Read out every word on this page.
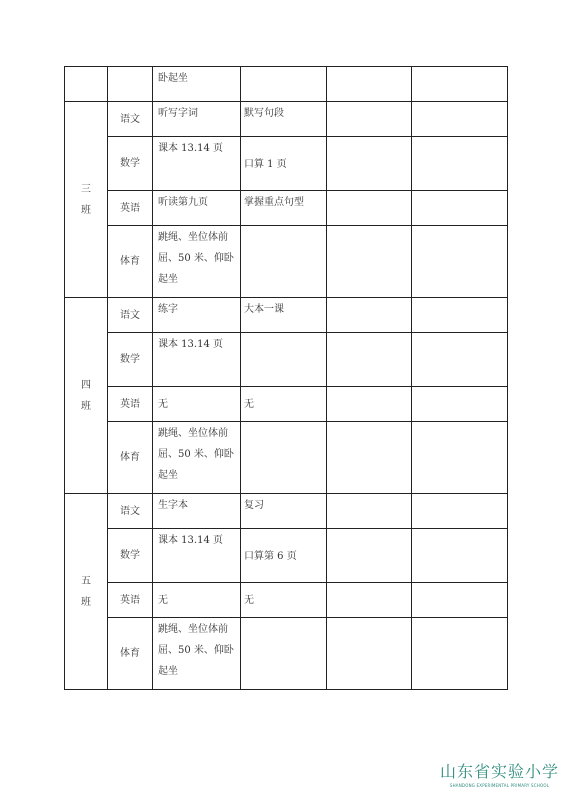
		卧起坐			

三
班	语文	听写字词	默写句段		
	数学	课本 13.14 页	口算 1 页		
	英语	听读第九页	掌握重点句型		
	体育	跳绳、坐位体前屈、50 米、仰卧起坐			

四
班	语文	练字	大本一课		
	数学	课本 13.14 页			
	英语	无	无		
	体育	跳绳、坐位体前屈、50 米、仰卧起坐			

五
班	语文	生字本	复习		
	数学	课本 13.14 页	口算第 6 页		
	英语	无	无		
	体育	跳绳、坐位体前屈、50 米、仰卧起坐			
山东省实验小学
SHANDONG EXPERIMENTAL PRIMARY SCHOOL
